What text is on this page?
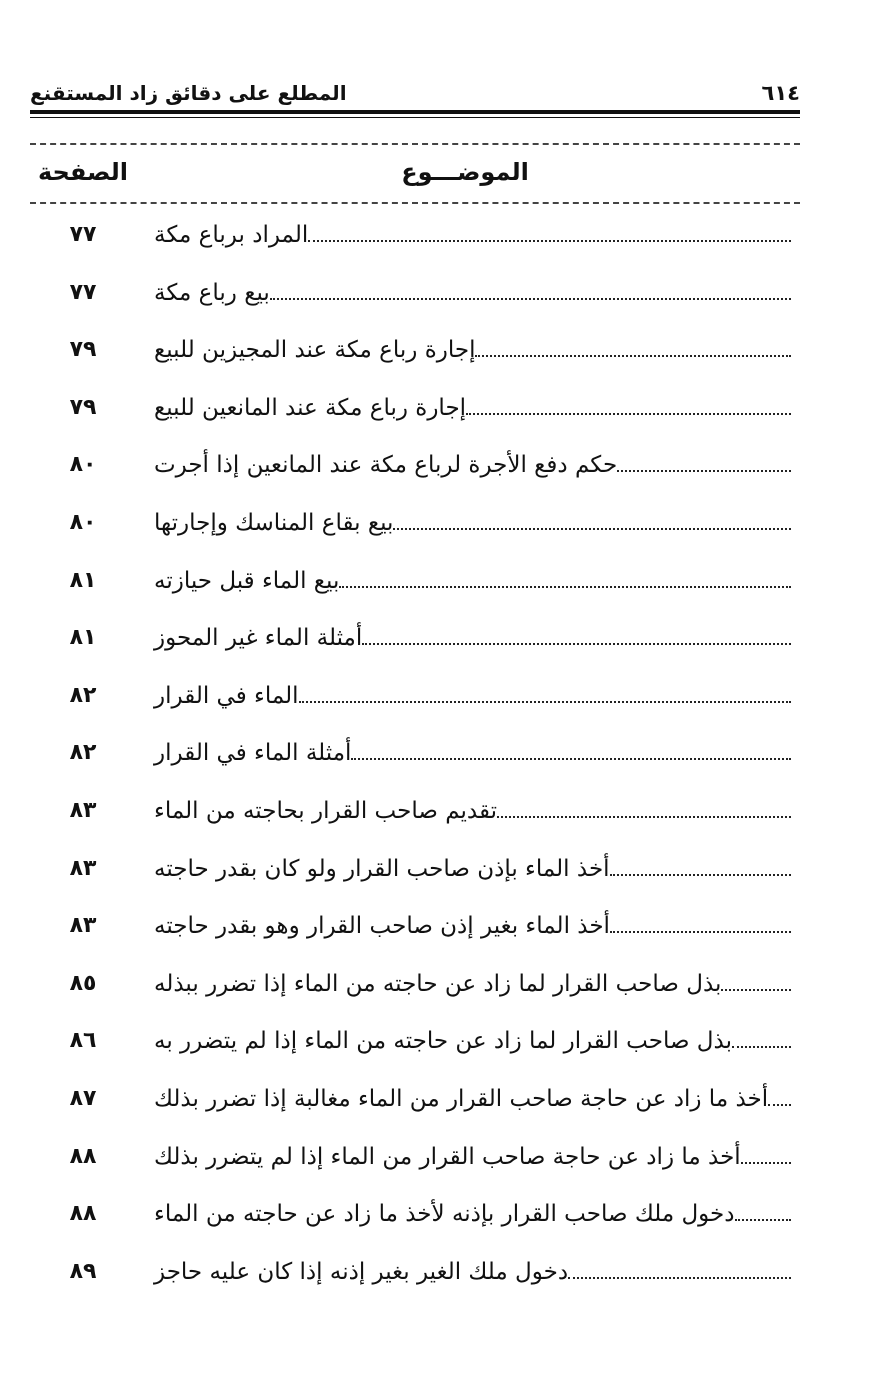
المطلع على دقائق زاد المستقنع	٦١٤
الموضـــوع
الصفحة
المراد برباع مكة
٧٧
بيع رباع مكة
٧٧
إجارة رباع مكة عند المجيزين للبيع
٧٩
إجارة رباع مكة عند المانعين للبيع
٧٩
حكم دفع الأجرة لرباع مكة عند المانعين إذا أجرت
٨٠
بيع بقاع المناسك وإجارتها
٨٠
بيع الماء قبل حيازته
٨١
أمثلة الماء غير المحوز
٨١
الماء في القرار
٨٢
أمثلة الماء في القرار
٨٢
تقديم صاحب القرار بحاجته من الماء
٨٣
أخذ الماء بإذن صاحب القرار ولو كان بقدر حاجته
٨٣
أخذ الماء بغير إذن صاحب القرار وهو بقدر حاجته
٨٣
بذل صاحب القرار لما زاد عن حاجته من الماء إذا تضرر ببذله
٨٥
بذل صاحب القرار لما زاد عن حاجته من الماء إذا لم يتضرر به
٨٦
أخذ ما زاد عن حاجة صاحب القرار من الماء مغالبة إذا تضرر بذلك
٨٧
أخذ ما زاد عن حاجة صاحب القرار من الماء إذا لم يتضرر بذلك
٨٨
دخول ملك صاحب القرار بإذنه لأخذ ما زاد عن حاجته من الماء
٨٨
دخول ملك الغير بغير إذنه إذا كان عليه حاجز
٨٩
